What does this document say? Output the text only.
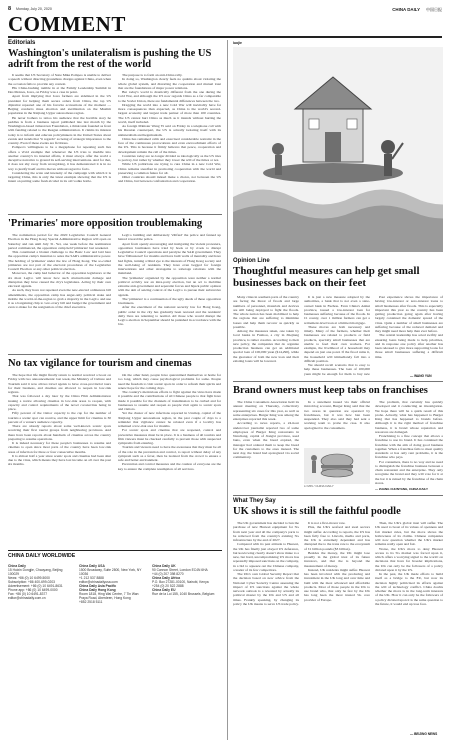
8 Monday, July 20, 2020	CHINA DAILY 中国日报
COMMENT
Editorials
Washington's unilateralism is pushing the US adrift from the rest of the world

It seems that US Secretary of State Mike Pompeo is unable to deliver a speech without directing groundless charges against China, even when the occasion fails to provide any context.

His China-bashing ramble in at the Family Leadership Summit in Des Moines, Iowa, on Friday was a case in point.

Apart from implying that Iowa farmers are sidelined in the US president for helping them secure orders from China, the top US diplomat repeated one of his favorite accusations of the moment — Beijing conducts mass abortion and sterilization on the Muslim population in the Xinjiang Uygur autonomous region.

He never bothers to tattoo his audience that the horrible story he peddles is from a business report published late last month by the Washington-based Jamestown Foundation, a think tank founded as front with funding related to the Reagan administration. It claims its mission today is to inform and educate policymakers in the United States about events and trends that "it regards" as being of strategic importance to the country. Even if these events are fictitious.

Pompeo's willingness to be a megaphone for repeating such lies offers a vivid example that whenever the US tries to meddle into another country's its internal affairs, it must always offer the world a deceptive narrative to ground its self-serving interventions. And for that, it does not shy away from wrongdoing, it has demonstrated it is in no way to justify itself and its moves without regard to facts.

Considering the scale and intensity of the campaign with which it is targeting China, this is only the latest example showing that the US is intent on putting some fresh alcohol in its old vodka bottle.

The purpose is to form an anti-China rally.

In doing so, Washington clearly feels no qualms about violating the whole global system, and distorting the cooperation and mutual trust that are the foundations of major power relations.

But today's world is drastically different from the one during the Cold War, and although the US now regards China as a far comparable to the Soviet Union, there are fundamental differences between the two.

Dragging the world into a new Cold War will inevitably have far more consequences than expected, as China is the world's second-largest economy and largest trade partner of more than 100 countries. The US cannot hurt China as much as it intends without hurting the world, itself included.

As foreign Minister Wang Yi said on Friday in a telephone call with his Russian counterpart, the US is actually isolating itself with its unilateralism and hegemonism.

China has remained calm and exercised considerable restraint in the face of the continuous provocations and even encroachment efforts of the US. This is because it firmly believes that peace, cooperation and development remain the call of the times.

Countries today are no longer divided as ideologically as the US tries to portray, but rather by whether they lower the will of the times or not.

While US politicians are trying to cure China in a new Cold War, China remains steadfast in promoting cooperation with the world and preserving a common future for all.

Other countries should indeed make a choice, not between the US and China, but between confrontation and cooperation.

'Primaries' more opposition troublemaking

The nomination period for the 2020 Legislative Council General Election in the Hong Kong Special Administrative Region will open on Saturday and run until July 31. Yet, one week before the nomination period commenced, the opposition camp held 'primaries' last weekend.

This constituted a blatant challenge to the Basic Law and laid bare the opposition camp's intention to seize the SAR's administrative power. The holding of 'primaries' under the law of Hong Kong. The so-called primaries are not part of the electoral procedures of the Legislative Council Election or any other political election.

Moreover, the camp had behavior of the opposition legislators at the six most LegCo will know how such obstructionist damage and disruption they have caused the city's legislature. Acting by their own electoral agenda.

As such, they have not repented even the new-elected ordinances bill amendments, the opposition camp has anger-only political stake and mobile the world-of-the-region to grab a majority in the LegCo and use it as a bargaining chip to veto every bill and budget the government and even to make for the resignation of the chief executive.

LegCo building and deliberately 'vilified' the police and fanned up hatred toward the police.

Apart from openly encouraging and instigating the violent protesters, opposition lawmakers have tried by hook or by crook to disrupt Legislative Council operations and paralyze the SAR government. They have 'filibustered' for months and have built walls of mentality and have had fights, turning a blind eye to the interests of Hong Kong society and the well-being of residents. They have even begged for foreign interventions and other stratagems to sabotage relations with the mainland.

The 'primaries' organized by the opposition were neither a normal political activity nor an intra-party election, but an act to mobilize extreme anti-government and separatist forces and hijack public opinion with the aim of seizing control of the LegCo to pursue their subversive agenda.

The 'primaries' is a continuation of the ugly deeds of these opposition lawmakers.

After the enactment of the national security law for Hong Kong, public order in the city has gradually been restored and the residents' daily lives are returning to normal. All those who would disrupt the LegCo election in September should be punished in accordance with the law.

No tax vigilance for tourism and cinemas

The hope that life might finally return to normal received a boost on Friday with two announcements: last week, the Ministry of Culture and Tourism said it now allows travel agents to have cross-provincial tours for their business, and cinemas are allowed to reopen in low-risk regions.

That was followed a day later by the China Film Administration issuing a notice allowing cinemas in low-risk areas to reopen, with capacity and control requirements of the novel coronavirus being in place.

Fifty percent of the visitor capacity is the cap for the number of tourists a scenic spot can receive, and the upper limit for cinemas is 30 percent of a venue's audience capacity.

There are already reports about some well-known scenic spots receiving their first tourist groups from neighboring provinces. And there have been reports about hundreds of cinemas across the country preparing to resume operations.

It is indeed necessary for these people's businesses to resume and cinemas to open since most parts of the country have been low-risk areas of infection for three or four consecutive months.

It is almost half a year since scenic spots and cinemas had been shut due to the virus, which means they have lost income on all over the past six months.

On the other hand, people have quarantined themselves at home for too long, which may cause psychological problems for some. People need the freedom to visit scenic spots in order to refresh their spirits and renew hope for the coming days.

The country's meticulous efforts to fight against the virus have made it possible and the contributions of all Chinese people to that fight have made it possible for the channels of transmission to be curbed and for businesses to resume and reopen as people visit again to scenic spots and visitors.

Yet the cluster of new infections reported in Urumqi, capital of the Xinjiang Uygur autonomous region, in the past couple of days is a reminder that vigilance cannot be relaxed even if a locality has remained a low-risk area for months.

For scenic spots and cinemas that are reopened, control and preventive measures must be in place. It is a business of all tourists and film viewers must be checked carefully to prevent those with suspected symptoms from entering.

Tourists and viewers need to have the awareness that they must be all of the role in the prevention and control, to report without delay of any symptom such as a fever, then be isolated from the crowd to ensure a safe and better environment.

Prevention and control measures and the caution of everyone are the key to ensure the complete resumption of all services.

CHINA DAILY WORLDWIDE
China Daily
15 Huixin Dongjie, Chaoyang, Beijing 100029
News: +86 (0) 10 6499-5000
Subscription: +86 400-699-0203
Advertisement: +86 (0) 10 6491-8631
Phone app: +86 (0) 10 6499-0000
Fax: +86 (0) 10 6491-8377
editor@chinadaily.com.cn
China Daily USA
1500 Broadway, Suite 2800, New York, NY 10036
+1 212 537 8888
editor@chinadailyusa.com
China Daily Asia Pacific
China Daily Hong Kong
Room 1818, Hing Wai Centre, 7 Tin Wan Praya Road, Aberdeen, Hong Kong
+852 2518 5111
China Daily UK
90 Cannon Street, London EC4N 6HA
+44 (0) 207 398 8270
China Daily Africa
P.O. Box 27281-00100, Nairobi, Kenya
+254 (0) 20 522 2888
China Daily EU
Rue de la Loi 155, 1040 Brussels, Belgium
Iuojie
Opinion Line
Thoughtful measures can help get small businesses back on their feet

Many cities in southern parts of the country are facing the threat of floods and large numbers of personnel, materials and devices are still being deployed to fight the floods. The whole nation has been mobilized to help the regions that are suffering to minimize losses and help them recover as quickly as possible.

Among the measures taken, one taken by local banks in Fuzhou, a city in Zhejiang province, is rather creative. According to their new policy, the companies that do organize production business can get an additional special loan of 100,000 yuan ($14,290), while the guarantor of both the new loan and their existing loans will be lowered.

It is just a new measure adopted by the authorities, a bank that is not even a state-owned bank in Fuzhou. Even China's Anhui province, issued a low-interest loan for businesses suffering because of the floods. In Ci county, over 1 million farmers can get a retirement-level loan at a limited mortgage.

These moves are both necessary and timely. Many of the farmers, whether their businesses are related to products or field products, specialty small businesses that are unable to feed their own workers. For example, the livelihood of a household may depend on just one pond. If the flood ruins it, the household will immediately fall into a difficult position.

We should recall scenario that is easy to help these businesses. The loan of 100,000 yuan might be enough for them to buy new

Past experience shows the importance of having low-interest or zero-interest loans to small businesses after floods. This is especially important this year as the country has been getting production going again after having largely contained the domestic spread of the virus. Quite a number of small businesses are suffering because of the reduced demand and they might need more help than ever before.

The central leadership has acted swiftly and ensuring loans being made to help priorities, and in response one policy after another has been released to give more supporting loans for those small businesses suffering a difficult time.

— WANG YUN
Brand owners must keep tabs on franchises

The China Consumers Association held its annual meeting on Thursday, collectively representing six cases for this year, as well as some enterprises. Burger King was among the enterprises reported this week.

According to news reports, a 24-hour undercover journalist reported two of some employees of Burger King restaurants in Nanchang, capital of Jiangxi province, used buns, even when the bread expired, the manager had ordered them to keep the bread for the customers to the ones instead. The next day, the brand had apologized via social commentary.

In a statement issued via their official microblog account, Burger King said that the two stores in question are operated by franchisees, but it was how ban been suspended. They also said they had sent a working team to probe the case. It also apologized to the consumers.

LI MIN / CHINA DAILY

The problem, that certainly has quickly developed and it conducting an investigation. We hope there will be a quick result of this probe. Actually, what has happened to Burger King that has happened to brands before. Although it is the right method of franchise business, it is brand whose reputation and resources are damaged.

Franchising is a fine concept that allows a franchise to use its brand. It has contained the franchise with the aim of doing good business together. When a franchise fails to meet quality standards or has only rent problems, it is the franchise who pays.

For consumers, there is no way and no need to distinguish the franchise business between a chain restaurant and the enterprise. They only recognize the brand and they will vote for it at the bar it is ruined by the franchise of the chain stores.

— ZHANG CHUNYANG, CHINA DAILY
What They Say
UK shows it is still the faithful poodle

The UK government has decided to ban the purchase of new Huawei equipment for 5G from next year and all the company's parts to be removed from the country's existing 5G infrastructure by the end of 2027.

Compared with its past attitude to Huawei, the UK has finally just obeyed US deference, but kowtowing clearly doesn't show make to a new, but hard, uncompromising US move has repeatedly imposed sanctions on the company, in a bid to squeeze out the Chinese company, a leader of its few competitors.

The UK's own Global Security Report that the decision based on new advice from the National Cyber Security Centre assessing the impact of US sanctions against the whole network outlook is a revealed by actually its political master by the UK and US and all times. Frankly speaking, by changing its policy the UK means to serve US trade policy.

It is not a first-mover rare.

Plus, the UK's seafood and steel sectors might suffer. According to reports, the US has been fully free to Lincoln, media and ports, the UK is extremely dependent and has disrupted the to the trans rate to the ecosystem of £1 billion pounds ($3 billion).

Besides the money, the UK might lose proudly in the global trust of its future investors, and that the is beyond the measurement of money.

Instead, UK residents might suffer. Huawei has been involved with the producing and investment in the UK long and over time and built with the most advanced and affordable products. Most of those people in the UK to use brand who, that only be fast by the UK has long been the most trusted 5G core provider of Europe.

Then, the UK's global trust will suffer. The UK used to boast of its values of openness and fair market rules, but the move shows the hollowness of its claims. Chinese companies will now question whether the UK's market remains really open and fair.

Worse, the UK's move to deny Huawei access to its 5G market was forced upon it, which offers a worrying signal to the world: on decisions that have far broader implications, the UK can only be the followers of a policy dictated upon it by the US.

In the past, the UK made efforts to build itself as a bridge to the EU, but now its decision highly politicized its efforts against the will of technology conflict. China doubts whether the move is in the long-term interests of the UK. How it can only be the followers of a policy dictated upon it is the same question to the future, it would end up lose face.

— BEIJING NEWS
